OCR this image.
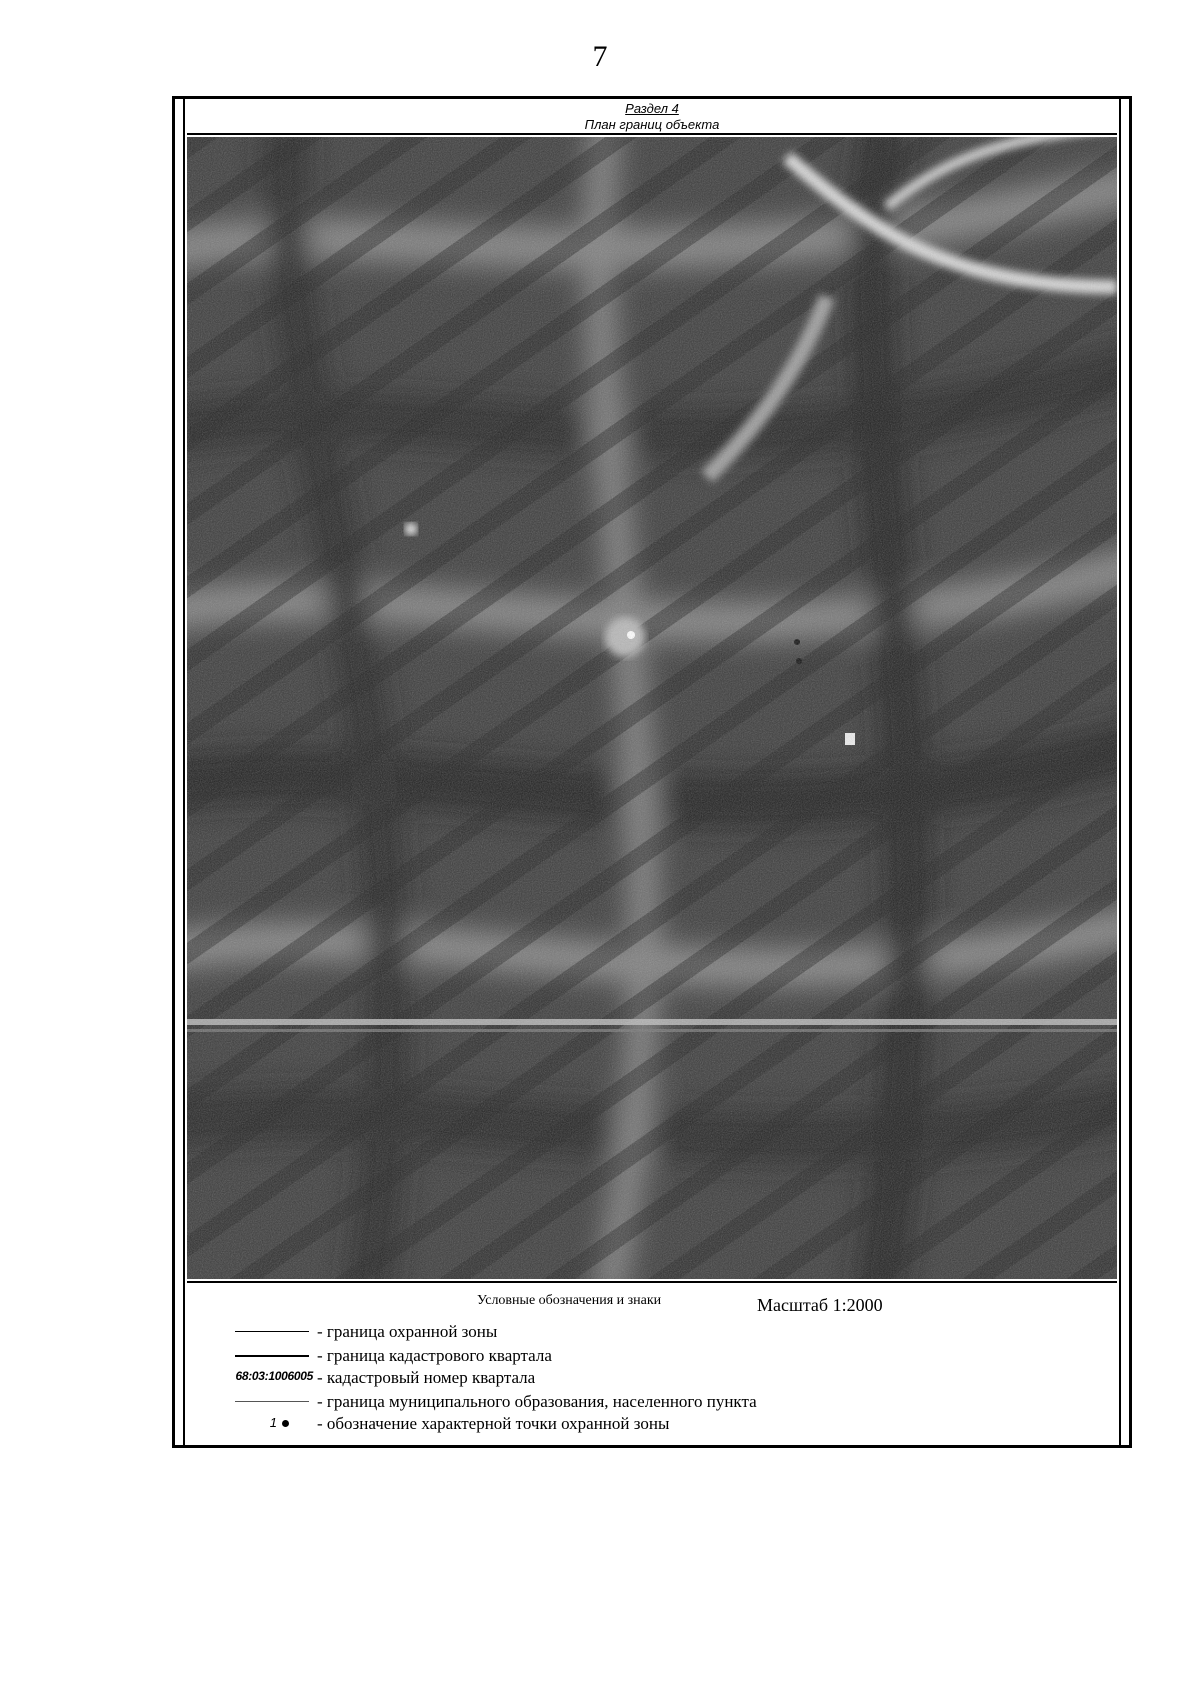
7
Раздел 4
План границ объекта
Условные обозначения и знаки	Масштаб 1:2000
- граница охранной зоны
- граница кадастрового квартала
68:03:1006005 - кадастровый номер квартала
- граница муниципального образования, населенного пункта
1	- обозначение характерной точки охранной зоны
